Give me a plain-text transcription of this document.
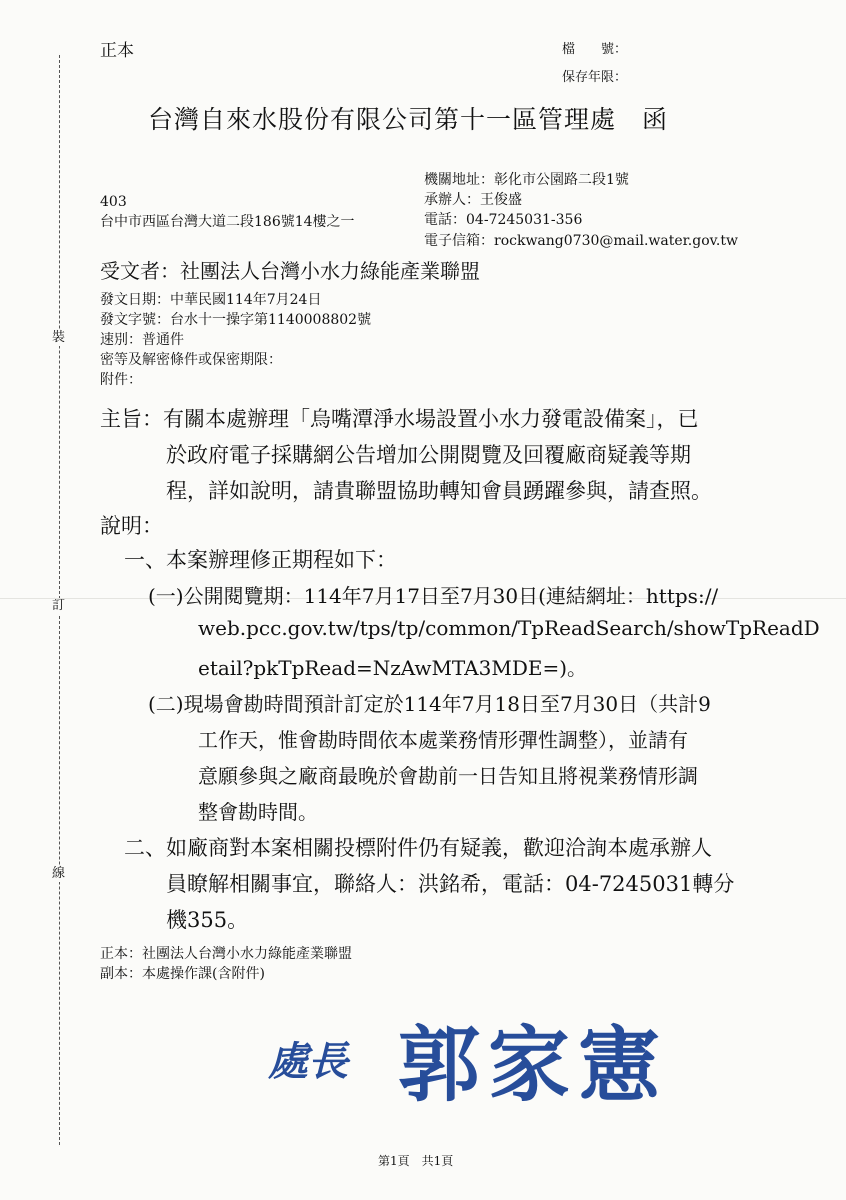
裝
訂
線
正本	檔　　號：
保存年限：
台灣自來水股份有限公司第十一區管理處　函
403
台中市西區台灣大道二段186號14樓之一
機關地址：彰化市公園路二段1號
承辦人：王俊盛
電話：04-7245031-356
電子信箱：rockwang0730@mail.water.gov.tw
受文者：社團法人台灣小水力綠能產業聯盟
發文日期：中華民國114年7月24日
發文字號：台水十一操字第1140008802號
速別：普通件
密等及解密條件或保密期限：
附件：
主旨：有關本處辦理「烏嘴潭淨水場設置小水力發電設備案」，已
於政府電子採購網公告增加公開閱覽及回覆廠商疑義等期
程，詳如說明，請貴聯盟協助轉知會員踴躍參與，請查照。
說明：
一、本案辦理修正期程如下：
(一)公開閱覽期：114年7月17日至7月30日(連結網址：https://
web.pcc.gov.tw/tps/tp/common/TpReadSearch/showTpReadD
etail?pkTpRead=NzAwMTA3MDE=)。
(二)現場會勘時間預計訂定於114年7月18日至7月30日（共計9
工作天，惟會勘時間依本處業務情形彈性調整），並請有
意願參與之廠商最晚於會勘前一日告知且將視業務情形調
整會勘時間。
二、如廠商對本案相關投標附件仍有疑義，歡迎洽詢本處承辦人
員瞭解相關事宜，聯絡人：洪銘希，電話：04-7245031轉分
機355。
正本：社團法人台灣小水力綠能產業聯盟
副本：本處操作課(含附件)
處長 郭家憲
第1頁　共1頁
